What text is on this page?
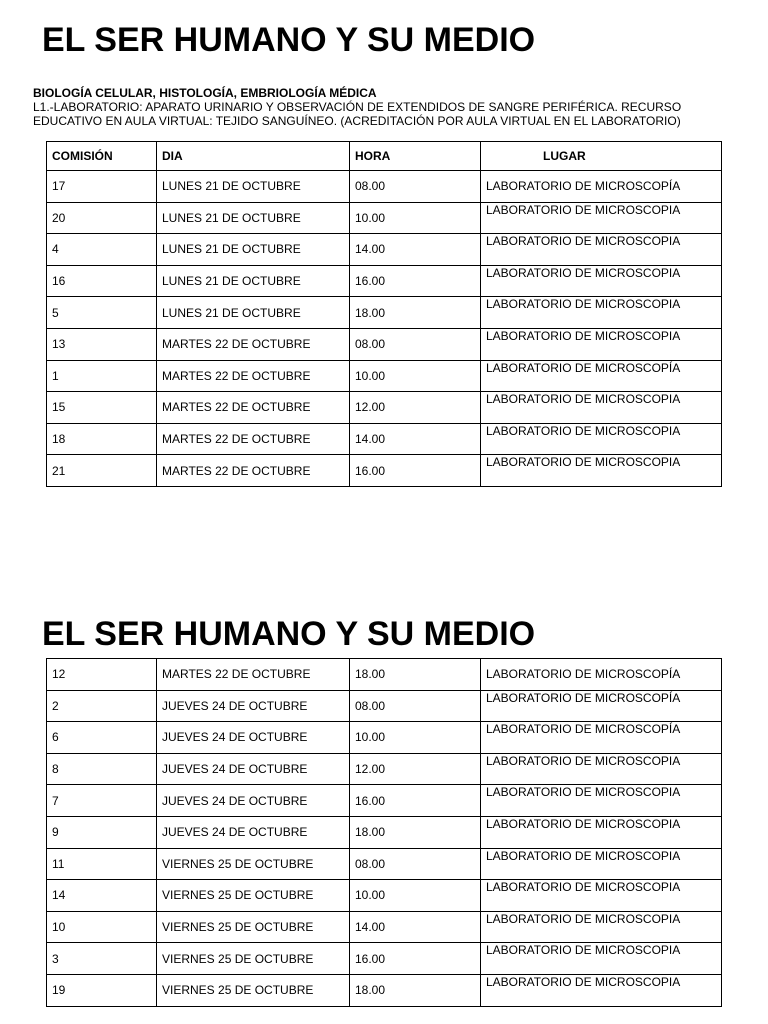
EL SER HUMANO Y SU MEDIO
BIOLOGÍA CELULAR, HISTOLOGÍA, EMBRIOLOGÍA MÉDICA
L1.-LABORATORIO: APARATO URINARIO Y OBSERVACIÓN DE EXTENDIDOS DE SANGRE PERIFÉRICA. RECURSO
EDUCATIVO EN AULA VIRTUAL: TEJIDO SANGUÍNEO. (ACREDITACIÓN POR AULA VIRTUAL EN EL LABORATORIO)
COMISIÓN	DIA	HORA	LUGAR
17	LUNES 21 DE OCTUBRE	08.00	LABORATORIO DE MICROSCOPÍA
20	LUNES 21 DE OCTUBRE	10.00	LABORATORIO DE MICROSCOPIA
4	LUNES 21 DE OCTUBRE	14.00	LABORATORIO DE MICROSCOPIA
16	LUNES 21 DE OCTUBRE	16.00	LABORATORIO DE MICROSCOPIA
5	LUNES 21 DE OCTUBRE	18.00	LABORATORIO DE MICROSCOPIA
13	MARTES 22 DE OCTUBRE	08.00	LABORATORIO DE MICROSCOPIA
1	MARTES 22 DE OCTUBRE	10.00	LABORATORIO DE MICROSCOPÍA
15	MARTES 22 DE OCTUBRE	12.00	LABORATORIO DE MICROSCOPIA
18	MARTES 22 DE OCTUBRE	14.00	LABORATORIO DE MICROSCOPIA
21	MARTES 22 DE OCTUBRE	16.00	LABORATORIO DE MICROSCOPIA
EL SER HUMANO Y SU MEDIO
12	MARTES 22 DE OCTUBRE	18.00	LABORATORIO DE MICROSCOPÍA
2	JUEVES 24 DE OCTUBRE	08.00	LABORATORIO DE MICROSCOPÍA
6	JUEVES 24 DE OCTUBRE	10.00	LABORATORIO DE MICROSCOPÍA
8	JUEVES 24 DE OCTUBRE	12.00	LABORATORIO DE MICROSCOPIA
7	JUEVES 24 DE OCTUBRE	16.00	LABORATORIO DE MICROSCOPIA
9	JUEVES 24 DE OCTUBRE	18.00	LABORATORIO DE MICROSCOPIA
11	VIERNES 25 DE OCTUBRE	08.00	LABORATORIO DE MICROSCOPIA
14	VIERNES 25 DE OCTUBRE	10.00	LABORATORIO DE MICROSCOPIA
10	VIERNES 25 DE OCTUBRE	14.00	LABORATORIO DE MICROSCOPIA
3	VIERNES 25 DE OCTUBRE	16.00	LABORATORIO DE MICROSCOPIA
19	VIERNES 25 DE OCTUBRE	18.00	LABORATORIO DE MICROSCOPIA
